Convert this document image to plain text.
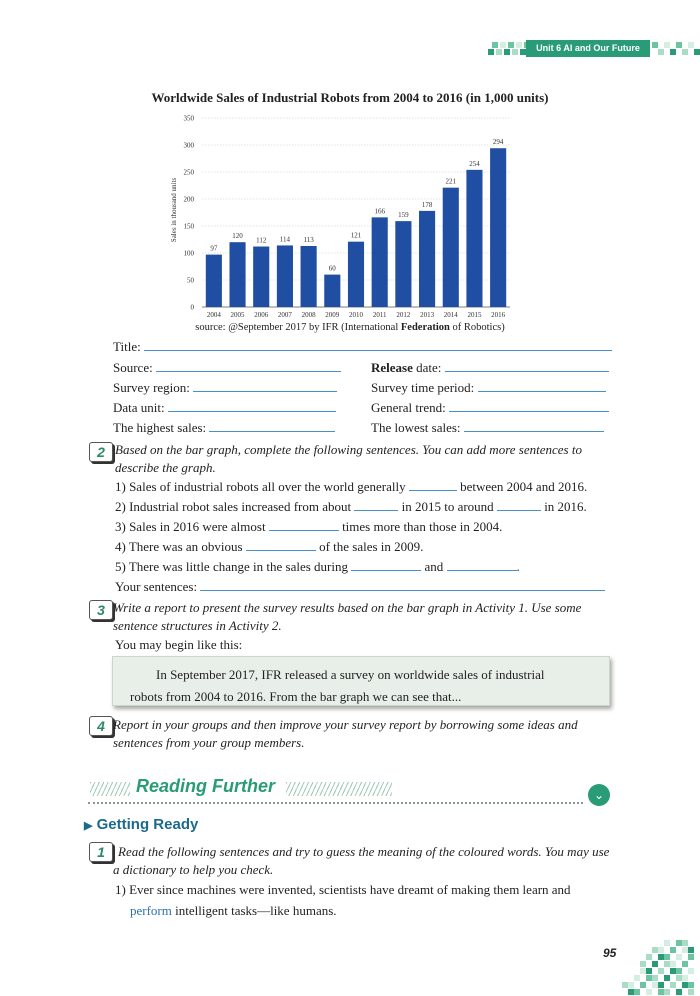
Unit 6 AI and Our Future
Worldwide Sales of Industrial Robots from 2004 to 2016 (in 1,000 units)
0
50
100
150
200
250
300
350
97
2004
120
2005
112
2006
114
2007
113
2008
60
2009
121
2010
166
2011
159
2012
178
2013
221
2014
254
2015
294
2016
Sales in thousand units
source: @September 2017 by IFR (International Federation of Robotics)
Title:
Source:	Release date:
Survey region:	Survey time period:
Data unit:	General trend:
The highest sales:	The lowest sales:
2 Based on the bar graph, complete the following sentences. You can add more sentences to describe the graph.
1) Sales of industrial robots all over the world generally	between 2004 and 2016.
2) Industrial robot sales increased from about	in 2015 to around	in 2016.
3) Sales in 2016 were almost	times more than those in 2004.
4) There was an obvious	of the sales in 2009.
5) There was little change in the sales during	and	.
Your sentences:
3 Write a report to present the survey results based on the bar graph in Activity 1. Use some sentence structures in Activity 2.
You may begin like this:
In September 2017, IFR released a survey on worldwide sales of industrial
robots from 2004 to 2016. From the bar graph we can see that...
4 Report in your groups and then improve your survey report by borrowing some ideas and sentences from your group members.
Reading Further	⌄
▶ Getting Ready
1	Read the following sentences and try to guess the meaning of the coloured words. You may use a dictionary to help you check.
1) Ever since machines were invented, scientists have dreamt of making them learn and
perform intelligent tasks—like humans.
95
